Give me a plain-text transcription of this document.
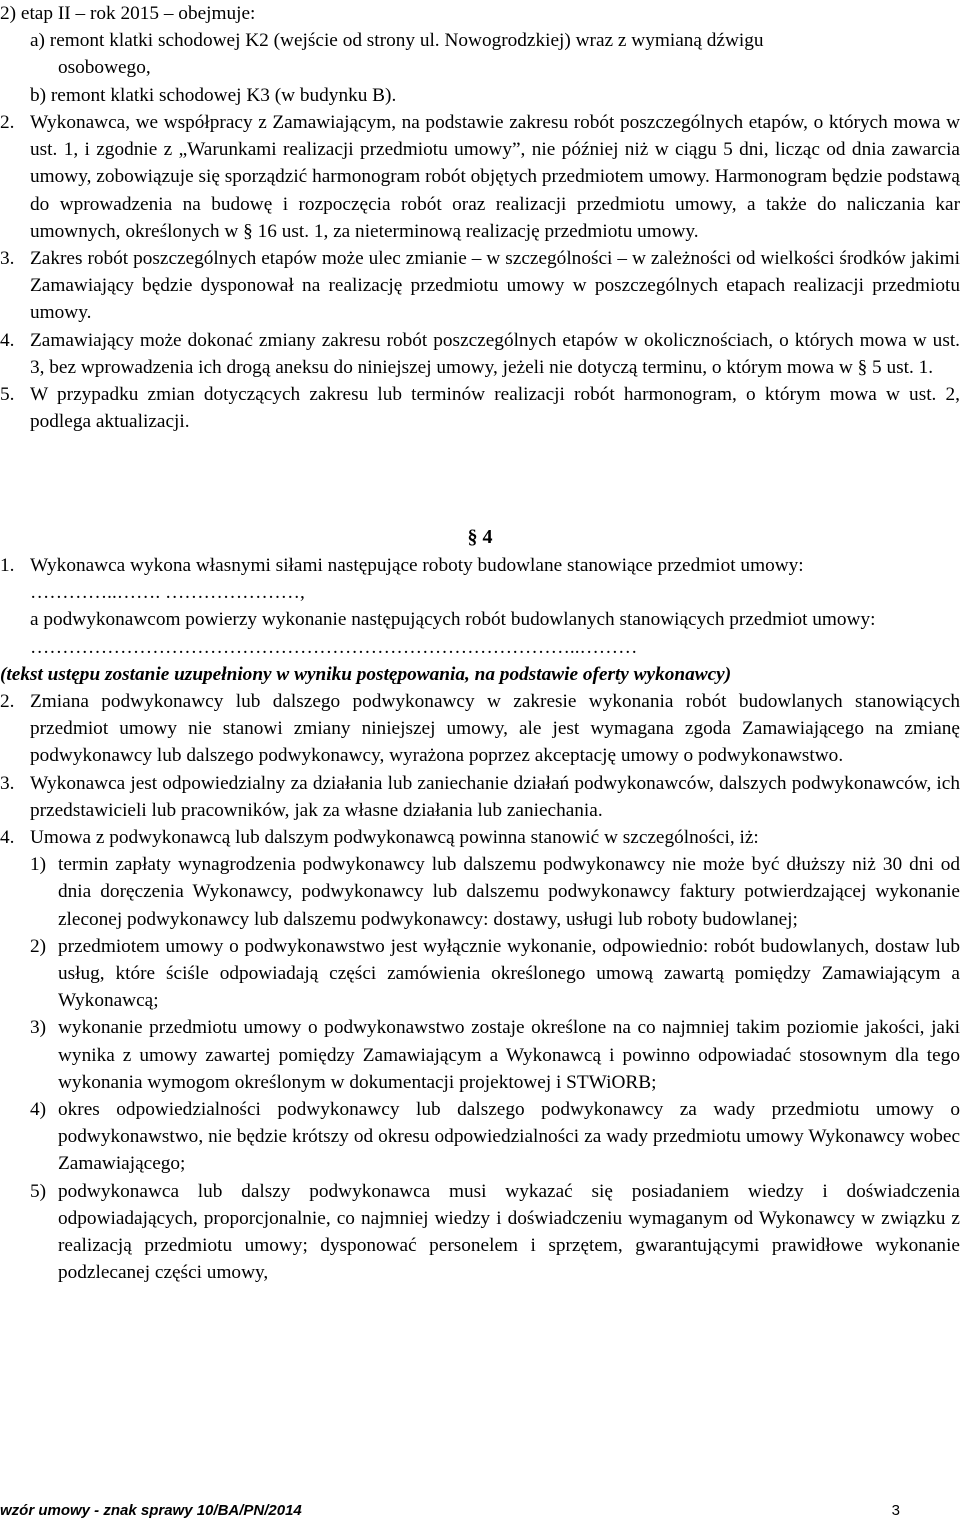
2) etap II – rok 2015 – obejmuje:
a) remont klatki schodowej K2 (wejście od strony ul. Nowogrodzkiej) wraz z wymianą dźwigu
osobowego,
b) remont klatki schodowej K3 (w budynku B).
2. Wykonawca, we współpracy z Zamawiającym, na podstawie zakresu robót poszczególnych etapów, o których mowa w ust. 1, i zgodnie z „Warunkami realizacji przedmiotu umowy”, nie później niż w ciągu 5 dni, licząc od dnia zawarcia umowy, zobowiązuje się sporządzić harmonogram robót objętych przedmiotem umowy. Harmonogram będzie podstawą do wprowadzenia na budowę i rozpoczęcia robót oraz realizacji przedmiotu umowy, a także do naliczania kar umownych, określonych w § 16 ust. 1, za nieterminową realizację przedmiotu umowy.
3. Zakres robót poszczególnych etapów może ulec zmianie – w szczególności – w zależności od wielkości środków jakimi Zamawiający będzie dysponował na realizację przedmiotu umowy w poszczególnych etapach realizacji przedmiotu umowy.
4. Zamawiający może dokonać zmiany zakresu robót poszczególnych etapów w okolicznościach, o których mowa w ust. 3, bez wprowadzenia ich drogą aneksu do niniejszej umowy, jeżeli nie dotyczą terminu, o którym mowa w § 5 ust. 1.
5. W przypadku zmian dotyczących zakresu lub terminów realizacji robót harmonogram, o którym mowa w ust. 2, podlega aktualizacji.
§ 4
1. Wykonawca wykona własnymi siłami następujące roboty budowlane stanowiące przedmiot umowy:
…………..……. …………………,
a podwykonawcom powierzy wykonanie następujących robót budowlanych stanowiących przedmiot umowy:
…………………………………………………………………………..………
(tekst ustępu zostanie uzupełniony w wyniku postępowania, na podstawie oferty wykonawcy)
2. Zmiana podwykonawcy lub dalszego podwykonawcy w zakresie wykonania robót budowlanych stanowiących przedmiot umowy nie stanowi zmiany niniejszej umowy, ale jest wymagana zgoda Zamawiającego na zmianę podwykonawcy lub dalszego podwykonawcy, wyrażona poprzez akceptację umowy o podwykonawstwo.
3. Wykonawca jest odpowiedzialny za działania lub zaniechanie działań podwykonawców, dalszych podwykonawców, ich przedstawicieli lub pracowników, jak za własne działania lub zaniechania.
4. Umowa z podwykonawcą lub dalszym podwykonawcą powinna stanowić w szczególności, iż:
1) termin zapłaty wynagrodzenia podwykonawcy lub dalszemu podwykonawcy nie może być dłuższy niż 30 dni od dnia doręczenia Wykonawcy, podwykonawcy lub dalszemu podwykonawcy faktury potwierdzającej wykonanie zleconej podwykonawcy lub dalszemu podwykonawcy: dostawy, usługi lub roboty budowlanej;
2) przedmiotem umowy o podwykonawstwo jest wyłącznie wykonanie, odpowiednio: robót budowlanych, dostaw lub usług, które ściśle odpowiadają części zamówienia określonego umową zawartą pomiędzy Zamawiającym a Wykonawcą;
3) wykonanie przedmiotu umowy o podwykonawstwo zostaje określone na co najmniej takim poziomie jakości, jaki wynika z umowy zawartej pomiędzy Zamawiającym a Wykonawcą i powinno odpowiadać stosownym dla tego wykonania wymogom określonym w dokumentacji projektowej i STWiORB;
4) okres odpowiedzialności podwykonawcy lub dalszego podwykonawcy za wady przedmiotu umowy o podwykonawstwo, nie będzie krótszy od okresu odpowiedzialności za wady przedmiotu umowy Wykonawcy wobec Zamawiającego;
5) podwykonawca lub dalszy podwykonawca musi wykazać się posiadaniem wiedzy i doświadczenia odpowiadających, proporcjonalnie, co najmniej wiedzy i doświadczeniu wymaganym od Wykonawcy w związku z realizacją przedmiotu umowy; dysponować personelem i sprzętem, gwarantującymi prawidłowe wykonanie podzlecanej części umowy,
wzór umowy - znak sprawy 10/BA/PN/2014	3
